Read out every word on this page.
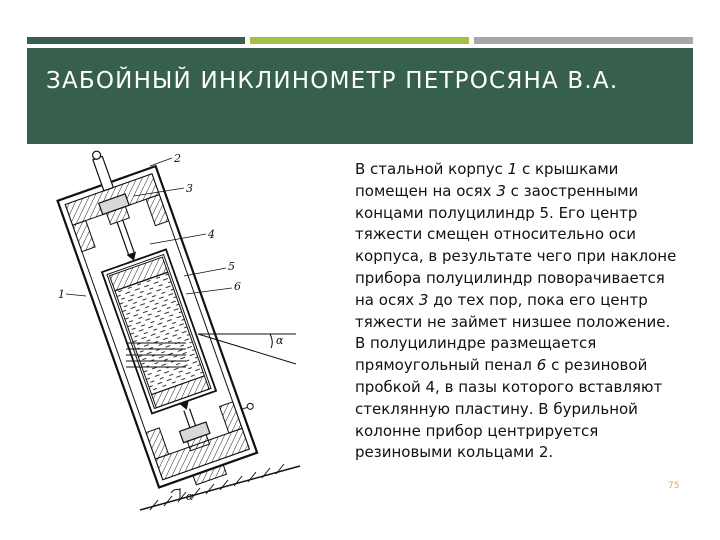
ЗАБОЙНЫЙ ИНКЛИНОМЕТР ПЕТРОСЯНА В.А.
2
3
4
5
6
1
α
α

В стальной корпус 1 с крышками помещен на осях 3 с заостренными концами полуцилиндр 5. Его центр тяжести смещен относительно оси корпуса, в результате чего при наклоне прибора полуцилиндр поворачивается на осях 3 до тех пор, пока его центр тяжести не займет низшее положение. В полуцилиндре размещается прямоугольный пенал 6 с резиновой пробкой 4, в пазы которого вставляют стеклянную пластину. В бурильной колонне прибор центрируется резиновыми кольцами 2.

75
